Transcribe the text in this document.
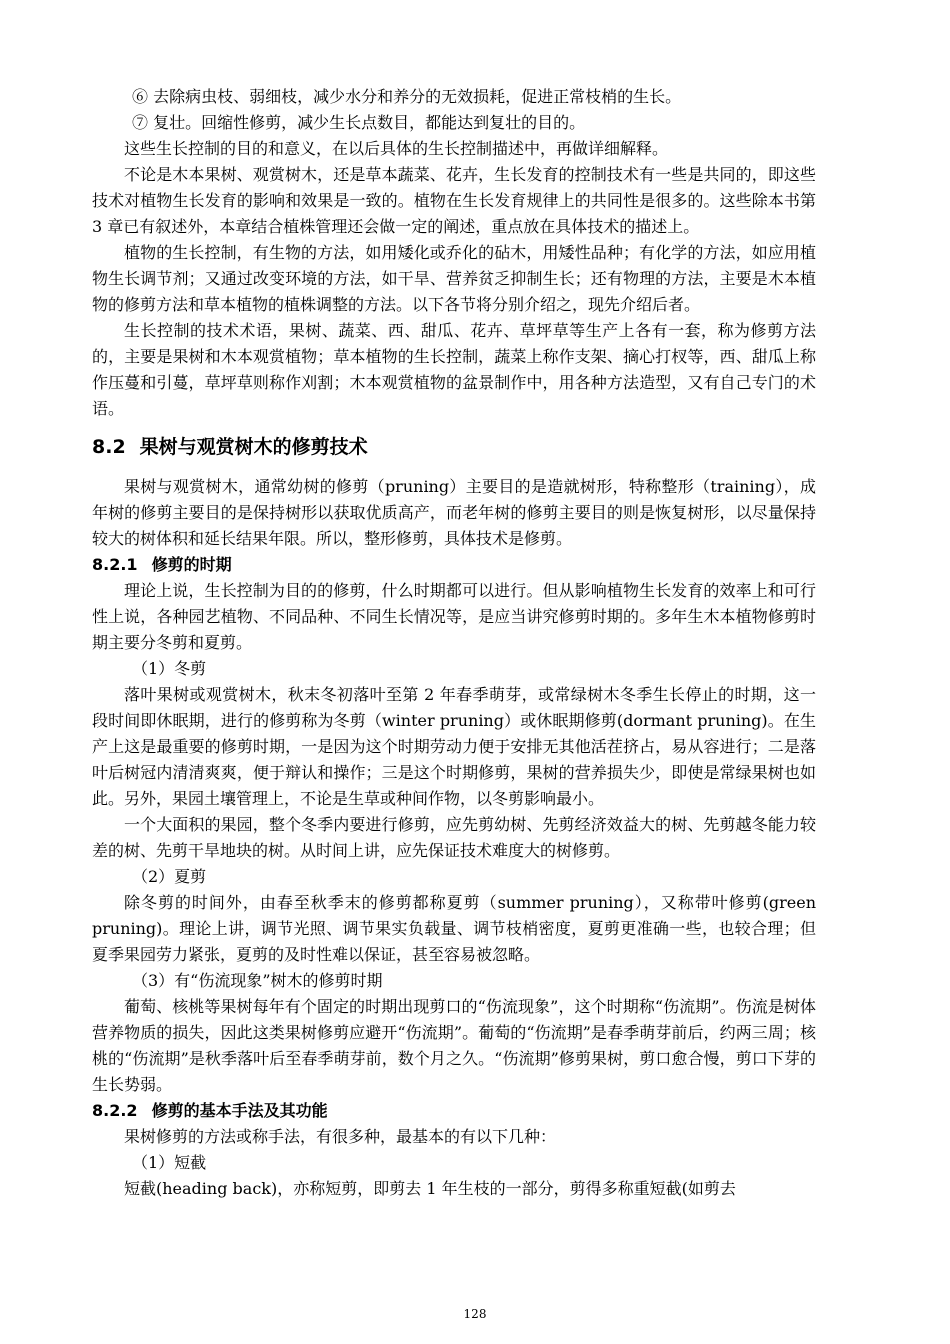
⑥ 去除病虫枝、弱细枝，减少水分和养分的无效损耗，促进正常枝梢的生长。

⑦ 复壮。回缩性修剪，减少生长点数目，都能达到复壮的目的。

这些生长控制的目的和意义，在以后具体的生长控制描述中，再做详细解释。

不论是木本果树、观赏树木，还是草本蔬菜、花卉，生长发育的控制技术有一些是共同的，即这些技术对植物生长发育的影响和效果是一致的。植物在生长发育规律上的共同性是很多的。这些除本书第 3 章已有叙述外，本章结合植株管理还会做一定的阐述，重点放在具体技术的描述上。

植物的生长控制，有生物的方法，如用矮化或乔化的砧木，用矮性品种；有化学的方法，如应用植物生长调节剂；又通过改变环境的方法，如干旱、营养贫乏抑制生长；还有物理的方法，主要是木本植物的修剪方法和草本植物的植株调整的方法。以下各节将分别介绍之，现先介绍后者。

生长控制的技术术语，果树、蔬菜、西、甜瓜、花卉、草坪草等生产上各有一套，称为修剪方法的，主要是果树和木本观赏植物；草本植物的生长控制，蔬菜上称作支架、摘心打杈等，西、甜瓜上称作压蔓和引蔓，草坪草则称作刈割；木本观赏植物的盆景制作中，用各种方法造型，又有自己专门的术语。

8.2 果树与观赏树木的修剪技术

果树与观赏树木，通常幼树的修剪（pruning）主要目的是造就树形，特称整形（training），成年树的修剪主要目的是保持树形以获取优质高产，而老年树的修剪主要目的则是恢复树形，以尽量保持较大的树体积和延长结果年限。所以，整形修剪，具体技术是修剪。

8.2.1 修剪的时期

理论上说，生长控制为目的的修剪，什么时期都可以进行。但从影响植物生长发育的效率上和可行性上说，各种园艺植物、不同品种、不同生长情况等，是应当讲究修剪时期的。多年生木本植物修剪时期主要分冬剪和夏剪。

（1）冬剪

落叶果树或观赏树木，秋末冬初落叶至第 2 年春季萌芽，或常绿树木冬季生长停止的时期，这一段时间即休眠期，进行的修剪称为冬剪（winter pruning）或休眠期修剪(dormant pruning)。在生产上这是最重要的修剪时期，一是因为这个时期劳动力便于安排无其他活茬挤占，易从容进行；二是落叶后树冠内清清爽爽，便于辩认和操作；三是这个时期修剪，果树的营养损失少，即使是常绿果树也如此。另外，果园土壤管理上，不论是生草或种间作物，以冬剪影响最小。

一个大面积的果园，整个冬季内要进行修剪，应先剪幼树、先剪经济效益大的树、先剪越冬能力较差的树、先剪干旱地块的树。从时间上讲，应先保证技术难度大的树修剪。

（2）夏剪

除冬剪的时间外，由春至秋季末的修剪都称夏剪（summer pruning），又称带叶修剪(green pruning)。理论上讲，调节光照、调节果实负载量、调节枝梢密度，夏剪更准确一些，也较合理；但夏季果园劳力紧张，夏剪的及时性难以保证，甚至容易被忽略。

（3）有“伤流现象”树木的修剪时期

葡萄、核桃等果树每年有个固定的时期出现剪口的“伤流现象”，这个时期称“伤流期”。伤流是树体营养物质的损失，因此这类果树修剪应避开“伤流期”。葡萄的“伤流期”是春季萌芽前后，约两三周；核桃的“伤流期”是秋季落叶后至春季萌芽前，数个月之久。“伤流期”修剪果树，剪口愈合慢，剪口下芽的生长势弱。

8.2.2 修剪的基本手法及其功能

果树修剪的方法或称手法，有很多种，最基本的有以下几种：

（1）短截

短截(heading back)，亦称短剪，即剪去 1 年生枝的一部分，剪得多称重短截(如剪去

128
